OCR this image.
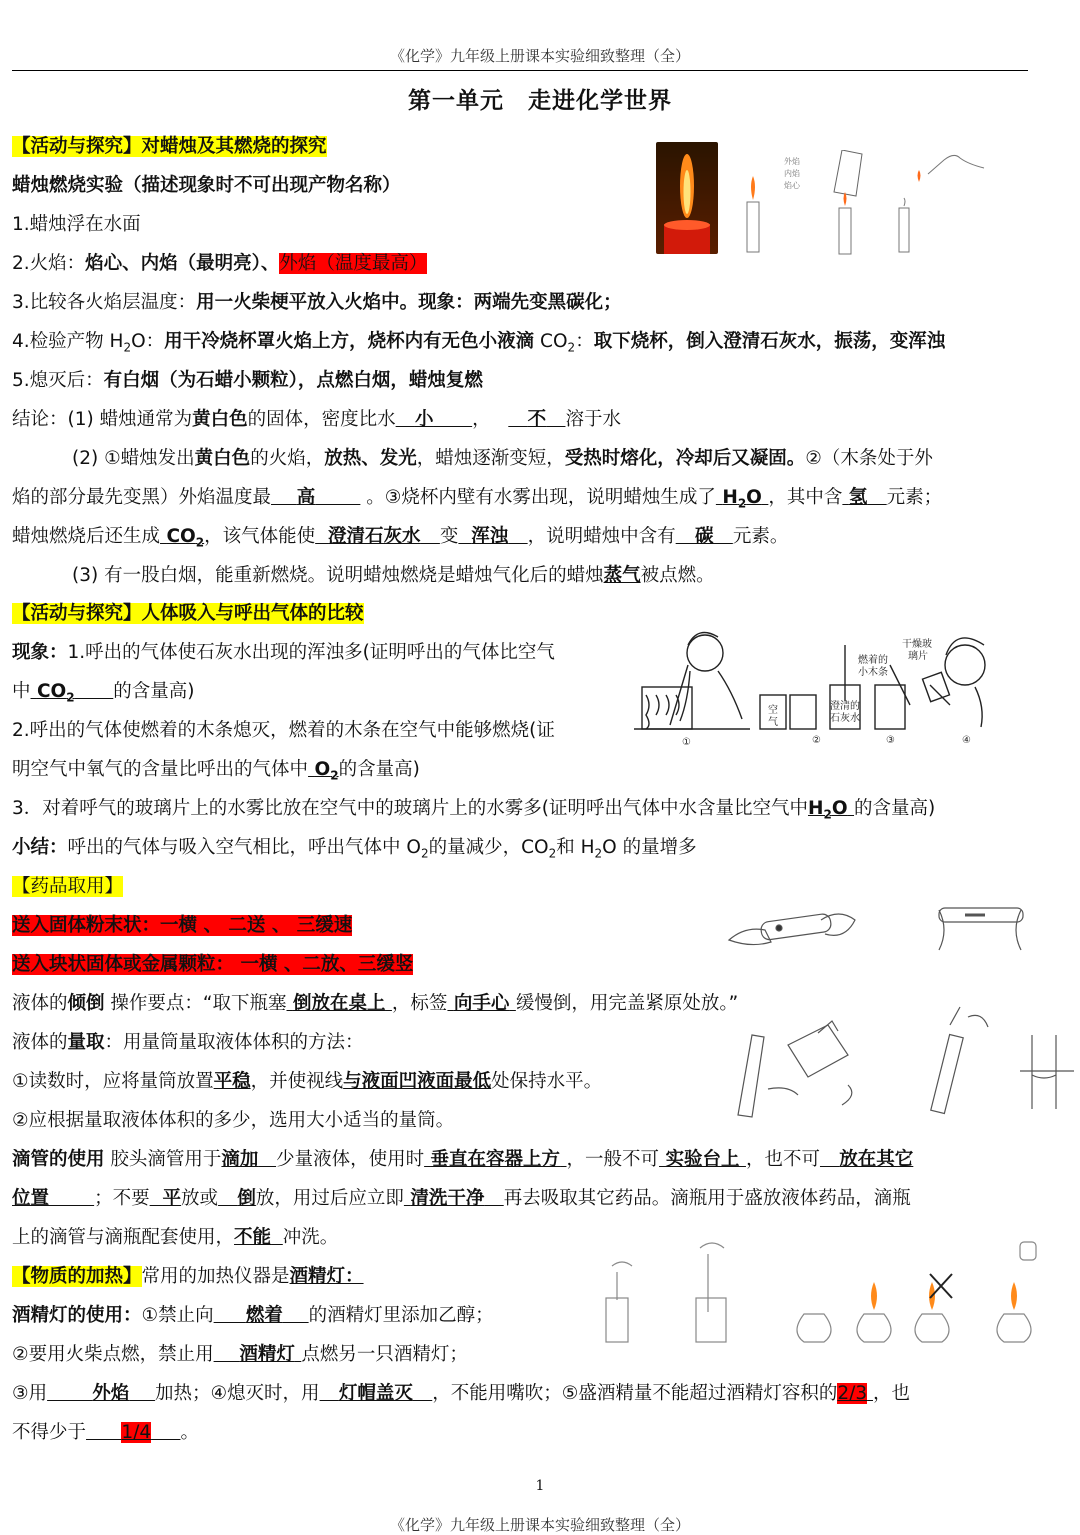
《化学》九年级上册课本实验细致整理（全）
第一单元　走进化学世界
【活动与探究】对蜡烛及其燃烧的探究
蜡烛燃烧实验（描述现象时不可出现产物名称）
1.蜡烛浮在水面
2.火焰：焰心、内焰（最明亮）、外焰（温度最高）
3.比较各火焰层温度：用一火柴梗平放入火焰中。现象：两端先变黑碳化；
4.检验产物 $H_2O$：用干冷烧杯罩火焰上方，烧杯内有无色小液滴 $CO_2$：取下烧杯，倒入澄清石灰水，振荡，变浑浊
5.熄灭后：有白烟（为石蜡小颗粒），点燃白烟，蜡烛复燃
结论：(1) 蜡烛通常为黄白色的固体，密度比水 小 ， 不 溶于水
(2) ①蜡烛发出黄白色的火焰，放热、发光，蜡烛逐渐变短，受热时熔化，冷却后又凝固。②（木条处于外
焰的部分最先变黑）外焰温度最 高	。③烧杯内壁有水雾出现，说明蜡烛生成了 $H_2O$ ，其中含 氢 元素；
蜡烛燃烧后还生成 $CO_2$，该气体能使 澄清石灰水 变 浑浊 ，说明蜡烛中含有 碳 元素。
(3) 有一股白烟，能重新燃烧。说明蜡烛燃烧是蜡烛气化后的蜡烛蒸气被点燃。
外焰
内焰
焰心
【活动与探究】人体吸入与呼出气体的比较
现象：1.呼出的气体使石灰水出现的浑浊多(证明呼出的气体比空气
中 $CO_2$ 的含量高)
2.呼出的气体使燃着的木条熄灭，燃着的木条在空气中能够燃烧(证
明空气中氧气的含量比呼出的气体中 $O_2$的含量高)
3．对着呼气的玻璃片上的水雾比放在空气中的玻璃片上的水雾多(证明呼出气体中水含量比空气中$H_2O$ 的含量高)
小结：呼出的气体与吸入空气相比，呼出气体中 $O_2$的量减少，$CO_2$和 $H_2O$ 的量增多
空
气
燃着的
小木条
干燥玻
璃片
澄清的
石灰水
①	②	③	④
【药品取用】
送入固体粉末状：一横 、 二送 、 三缓速
送入块状固体或金属颗粒： 一横 、二放、三缓竖
液体的倾倒 操作要点：“取下瓶塞 倒放在桌上 ，标签 向手心 缓慢倒，用完盖紧原处放。”
液体的量取：用量筒量取液体体积的方法：
①读数时，应将量筒放置平稳，并使视线与液面凹液面最低处保持水平。
②应根据量取液体体积的多少，选用大小适当的量筒。
滴管的使用 胶头滴管用于滴加 少量液体，使用时 垂直在容器上方 ，一般不可 实验台上 ，也不可 放在其它
位置 ；不要 平放或 倒放，用过后应立即 清洗干净 再去吸取其它药品。滴瓶用于盛放液体药品，滴瓶
上的滴管与滴瓶配套使用，不能 冲洗。
【物质的加热】常用的加热仪器是酒精灯：
酒精灯的使用：①禁止向 燃着 的酒精灯里添加乙醇；
②要用火柴点燃，禁止用 酒精灯 点燃另一只酒精灯；
③用 外焰 加热；④熄灭时，用 灯帽盖灭 ，不能用嘴吹；⑤盛酒精量不能超过酒精灯容积的2/3 ，也
不得少于 1/4 。
1
《化学》九年级上册课本实验细致整理（全）
